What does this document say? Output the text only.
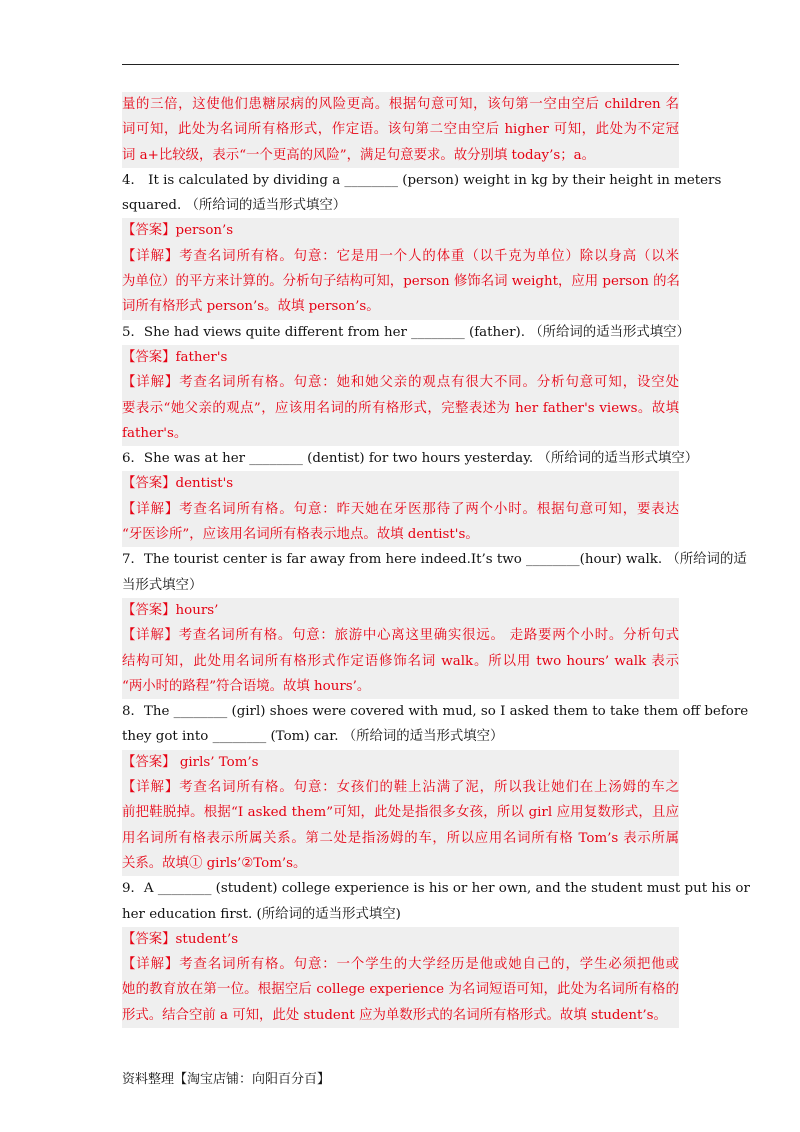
量的三倍，这使他们患糖尿病的风险更高。根据句意可知，该句第一空由空后 children 名
词可知，此处为名词所有格形式，作定语。该句第二空由空后 higher 可知，此处为不定冠
词 a+比较级，表示“一个更高的风险”，满足句意要求。故分别填 today’s；a。
4． It is calculated by dividing a ________ (person) weight in kg by their height in meters
squared. （所给词的适当形式填空）
【答案】person’s
【详解】考查名词所有格。句意：它是用一个人的体重（以千克为单位）除以身高（以米
为单位）的平方来计算的。分析句子结构可知，person 修饰名词 weight，应用 person 的名
词所有格形式 person’s。故填 person’s。
5．She had views quite different from her ________ (father). （所给词的适当形式填空）
【答案】father's
【详解】考查名词所有格。句意：她和她父亲的观点有很大不同。分析句意可知，设空处
要表示“她父亲的观点”，应该用名词的所有格形式，完整表述为 her father's views。故填
father's。
6．She was at her ________ (dentist) for two hours yesterday. （所给词的适当形式填空）
【答案】dentist's
【详解】考查名词所有格。句意：昨天她在牙医那待了两个小时。根据句意可知，要表达
“牙医诊所”，应该用名词所有格表示地点。故填 dentist's。
7．The tourist center is far away from here indeed.It’s two ________(hour) walk. （所给词的适
当形式填空）
【答案】hours’
【详解】考查名词所有格。句意：旅游中心离这里确实很远。 走路要两个小时。分析句式
结构可知，此处用名词所有格形式作定语修饰名词 walk。所以用 two hours’ walk 表示
“两小时的路程”符合语境。故填 hours’。
8．The ________ (girl) shoes were covered with mud, so I asked them to take them off before
they got into ________ (Tom) car. （所给词的适当形式填空）
【答案】 girls’ Tom’s
【详解】考查名词所有格。句意：女孩们的鞋上沾满了泥，所以我让她们在上汤姆的车之
前把鞋脱掉。根据“I asked them”可知，此处是指很多女孩，所以 girl 应用复数形式，且应
用名词所有格表示所属关系。第二处是指汤姆的车，所以应用名词所有格 Tom’s 表示所属
关系。故填① girls’②Tom’s。
9．A ________ (student) college experience is his or her own, and the student must put his or
her education first. (所给词的适当形式填空)
【答案】student’s
【详解】考查名词所有格。句意：一个学生的大学经历是他或她自己的，学生必须把他或
她的教育放在第一位。根据空后 college experience 为名词短语可知，此处为名词所有格的
形式。结合空前 a 可知，此处 student 应为单数形式的名词所有格形式。故填 student’s。
资料整理【淘宝店铺：向阳百分百】
